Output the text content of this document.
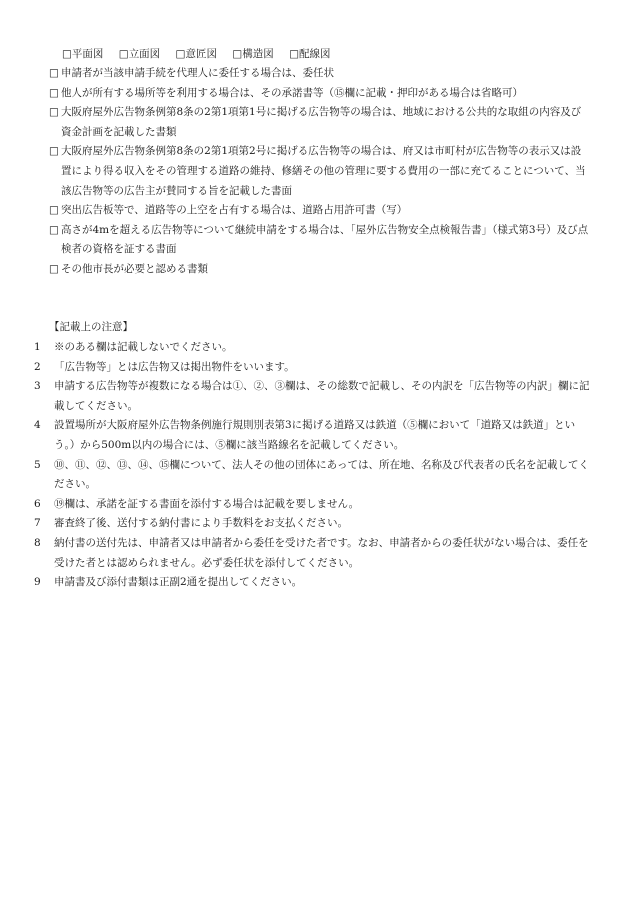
□平面図 □立面図 □意匠図 □構造図 □配線図
□ 申請者が当該申請手続を代理人に委任する場合は、委任状
□ 他人が所有する場所等を利用する場合は、その承諾書等（⑮欄に記載・押印がある場合は省略可）
□ 大阪府屋外広告物条例第8条の2第1項第1号に掲げる広告物等の場合は、地域における公共的な取組の内容及び資金計画を記載した書類
□ 大阪府屋外広告物条例第8条の2第1項第2号に掲げる広告物等の場合は、府又は市町村が広告物等の表示又は設置により得る収入をその管理する道路の維持、修繕その他の管理に要する費用の一部に充てることについて、当該広告物等の広告主が賛同する旨を記載した書面
□ 突出広告板等で、道路等の上空を占有する場合は、道路占用許可書（写）
□ 高さが4mを超える広告物等について継続申請をする場合は、「屋外広告物安全点検報告書」（様式第3号）及び点検者の資格を証する書面
□ その他市長が必要と認める書類
【記載上の注意】
1	※のある欄は記載しないでください。
2	「広告物等」とは広告物又は掲出物件をいいます。
3	申請する広告物等が複数になる場合は①、②、③欄は、その総数で記載し、その内訳を「広告物等の内訳」欄に記載してください。
4	設置場所が大阪府屋外広告物条例施行規則別表第3に掲げる道路又は鉄道（⑤欄において「道路又は鉄道」という。）から500m以内の場合には、⑤欄に該当路線名を記載してください。
5	⑩、⑪、⑫、⑬、⑭、⑮欄について、法人その他の団体にあっては、所在地、名称及び代表者の氏名を記載してください。
6	⑲欄は、承諾を証する書面を添付する場合は記載を要しません。
7	審査終了後、送付する納付書により手数料をお支払ください。
8	納付書の送付先は、申請者又は申請者から委任を受けた者です。なお、申請者からの委任状がない場合は、委任を受けた者とは認められません。必ず委任状を添付してください。
9	申請書及び添付書類は正副2通を提出してください。
